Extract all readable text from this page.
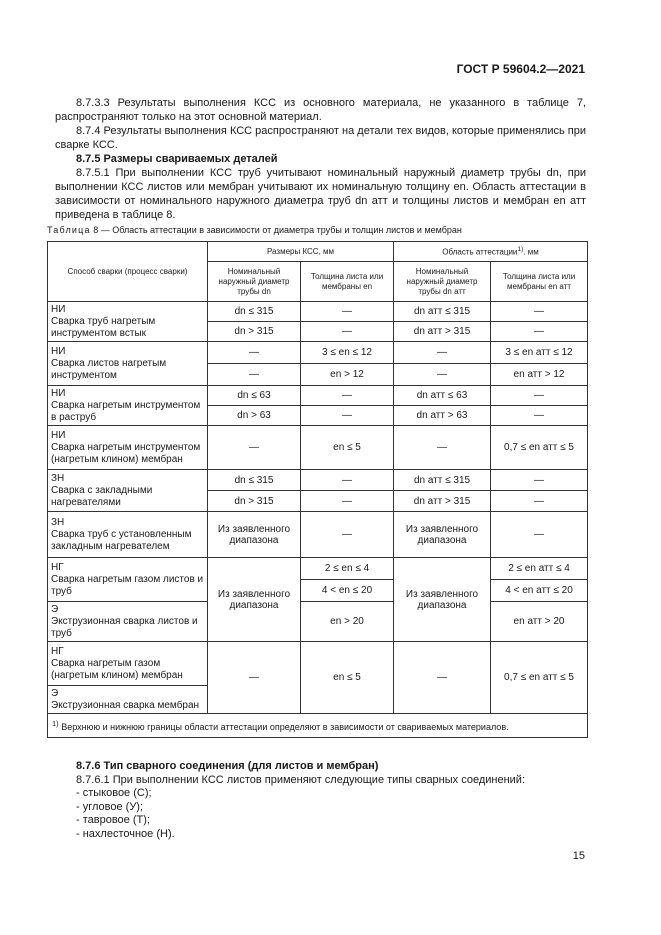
ГОСТ Р 59604.2—2021

8.7.3.3 Результаты выполнения КСС из основного материала, не указанного в таблице 7, распространяют только на этот основной материал.

8.7.4 Результаты выполнения КСС распространяют на детали тех видов, которые применялись при сварке КСС.

8.7.5 Размеры свариваемых деталей

8.7.5.1 При выполнении КСС труб учитывают номинальный наружный диаметр трубы dn, при выполнении КСС листов или мембран учитывают их номинальную толщину en. Область аттестации в зависимости от номинального наружного диаметра труб dn атт и толщины листов и мембран en атт приведена в таблице 8.

Таблица 8 — Область аттестации в зависимости от диаметра трубы и толщин листов и мембран
Способ сварки (процесс сварки)	Размеры КСС, мм		Область аттестации$^{1)}$. мм	
	Номинальный наружный диаметр трубы dn	Толщина листа или мембраны en	Номинальный наружный диаметр трубы dn атт	Толщина листа или мембраны en атт
НИ
Сварка труб нагретым инструментом встык	dn ≤ 315	—	dn атт ≤ 315	—
	dn > 315	—	dn атт > 315	—
НИ
Сварка листов нагретым инструментом	—	3 ≤ en ≤ 12	—	3 ≤ en атт ≤ 12
	—	en > 12	—	en атт > 12
НИ
Сварка нагретым инструментом в раструб	dn ≤ 63	—	dn атт ≤ 63	—
	dn > 63	—	dn атт > 63	—
НИ
Сварка нагретым инструментом (нагретым клином) мембран	—	en ≤ 5	—	0,7 ≤ en атт ≤ 5
ЗН
Сварка с закладными нагревателями	dn ≤ 315	—	dn атт ≤ 315	—
	dn > 315	—	dn атт > 315	—
ЗН
Сварка труб с установленным закладным нагревателем	Из заявленного диапазона	—	Из заявленного диапазона	—
НГ
Сварка нагретым газом листов и труб	Из заявленного диапазона	2 ≤ en ≤ 4	Из заявленного диапазона	2 ≤ en атт ≤ 4
		4 < en ≤ 20		4 < en атт ≤ 20
Э
Экструзионная сварка листов и труб		en > 20		en атт > 20
НГ
Сварка нагретым газом (нагретым клином) мембран	—	en ≤ 5	—	0,7 ≤ en атт ≤ 5
Э
Экструзионная сварка мембран				
$^{1)}$ Верхнюю и нижнюю границы области аттестации определяют в зависимости от свариваемых материалов.				

8.7.6 Тип сварного соединения (для листов и мембран)

8.7.6.1 При выполнении КСС листов применяют следующие типы сварных соединений:

- стыковое (С);

- угловое (У);

- тавровое (Т);

- нахлесточное (Н).

15
